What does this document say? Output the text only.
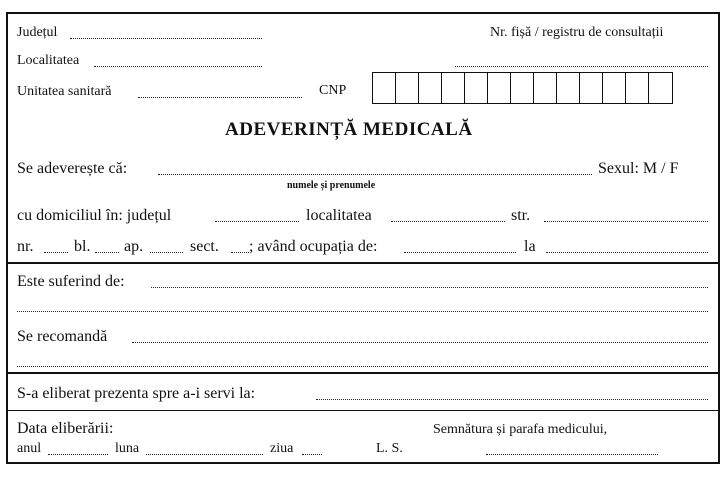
Județul
Localitatea
Unitatea sanitară	CNP
Nr. fișă / registru de consultații
ADEVERINȚĂ MEDICALĂ
Se adeverește că:	Sexul: M / F
numele și prenumele
cu domiciliul în: județul	localitatea	str.
nr.	bl. ap.	sect. ; având ocupația de:	la
Este suferind de:
Se recomandă
S-a eliberat prezenta spre a-i servi la:
Data eliberării:
anul	luna	ziua	L. S.
Semnătura și parafa medicului,
